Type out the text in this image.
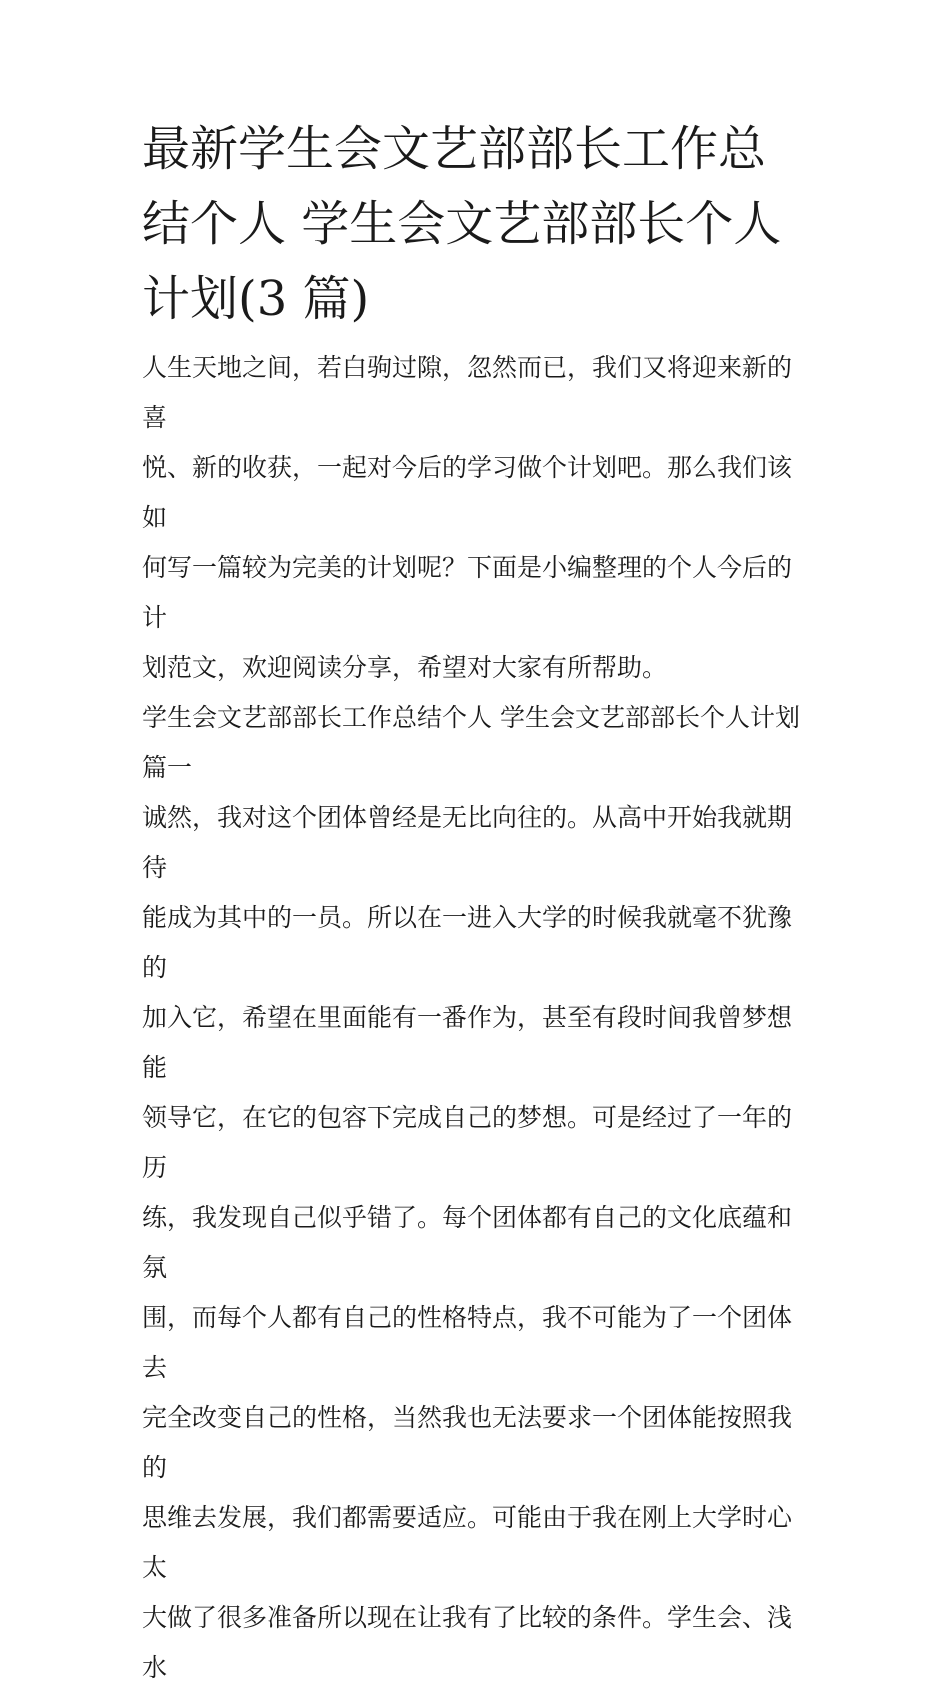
最新学生会文艺部部长工作总
结个人 学生会文艺部部长个人
计划(3 篇)
人生天地之间，若白驹过隙，忽然而已，我们又将迎来新的喜
悦、新的收获，一起对今后的学习做个计划吧。那么我们该如
何写一篇较为完美的计划呢？下面是小编整理的个人今后的计
划范文，欢迎阅读分享，希望对大家有所帮助。
学生会文艺部部长工作总结个人 学生会文艺部部长个人计划
篇一
诚然，我对这个团体曾经是无比向往的。从高中开始我就期待
能成为其中的一员。所以在一进入大学的时候我就毫不犹豫的
加入它，希望在里面能有一番作为，甚至有段时间我曾梦想能
领导它，在它的包容下完成自己的梦想。可是经过了一年的历
练，我发现自己似乎错了。每个团体都有自己的文化底蕴和氛
围，而每个人都有自己的性格特点，我不可能为了一个团体去
完全改变自己的性格，当然我也无法要求一个团体能按照我的
思维去发展，我们都需要适应。可能由于我在刚上大学时心太
大做了很多准备所以现在让我有了比较的条件。学生会、浅水
